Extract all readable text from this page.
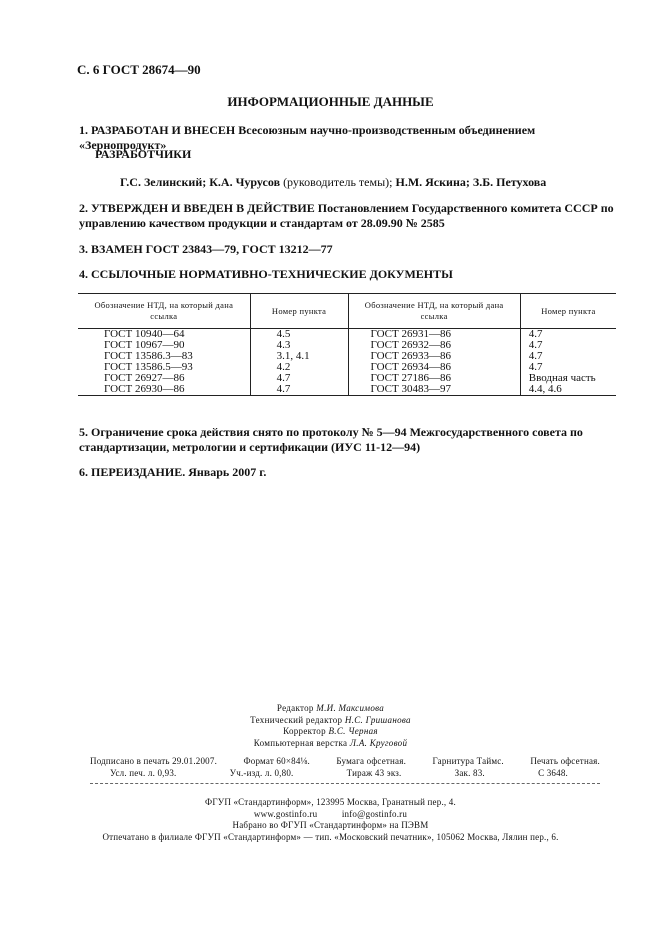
С. 6 ГОСТ 28674—90
ИНФОРМАЦИОННЫЕ ДАННЫЕ
1. РАЗРАБОТАН И ВНЕСЕН Всесоюзным научно-производственным объединением «Зернопродукт»
РАЗРАБОТЧИКИ
Г.С. Зелинский; К.А. Чурусов (руководитель темы); Н.М. Яскина; З.Б. Петухова
2. УТВЕРЖДЕН И ВВЕДЕН В ДЕЙСТВИЕ Постановлением Государственного комитета СССР по управлению качеством продукции и стандартам от 28.09.90 № 2585
3. ВЗАМЕН ГОСТ 23843—79, ГОСТ 13212—77
4. ССЫЛОЧНЫЕ НОРМАТИВНО-ТЕХНИЧЕСКИЕ ДОКУМЕНТЫ
Обозначение НТД, на который дана ссылка	Номер пункта	Обозначение НТД, на который дана ссылка	Номер пункта
ГОСТ 10940—64	4.5	ГОСТ 26931—86	4.7
ГОСТ 10967—90	4.3	ГОСТ 26932—86	4.7
ГОСТ 13586.3—83	3.1, 4.1	ГОСТ 26933—86	4.7
ГОСТ 13586.5—93	4.2	ГОСТ 26934—86	4.7
ГОСТ 26927—86	4.7	ГОСТ 27186—86	Вводная часть
ГОСТ 26930—86	4.7	ГОСТ 30483—97	4.4, 4.6
5. Ограничение срока действия снято по протоколу № 5—94 Межгосударственного совета по стандартизации, метрологии и сертификации (ИУС 11-12—94)
6. ПЕРЕИЗДАНИЕ. Январь 2007 г.
Редактор М.И. Максимова
Технический редактор Н.С. Гришанова
Корректор В.С. Черная
Компьютерная верстка Л.А. Круговой
Подписано в печать 29.01.2007.	Формат 60×84⅛.	Бумага офсетная.	Гарнитура Таймс.	Печать офсетная.
Усл. печ. л. 0,93.	Уч.-изд. л. 0,80.	Тираж 43 экз.	Зак. 83.	С 3648.
ФГУП «Стандартинформ», 123995 Москва, Гранатный пер., 4.
www.gostinfo.ru          info@gostinfo.ru
Набрано во ФГУП «Стандартинформ» на ПЭВМ
Отпечатано в филиале ФГУП «Стандартинформ» — тип. «Московский печатник», 105062 Москва, Лялин пер., 6.
